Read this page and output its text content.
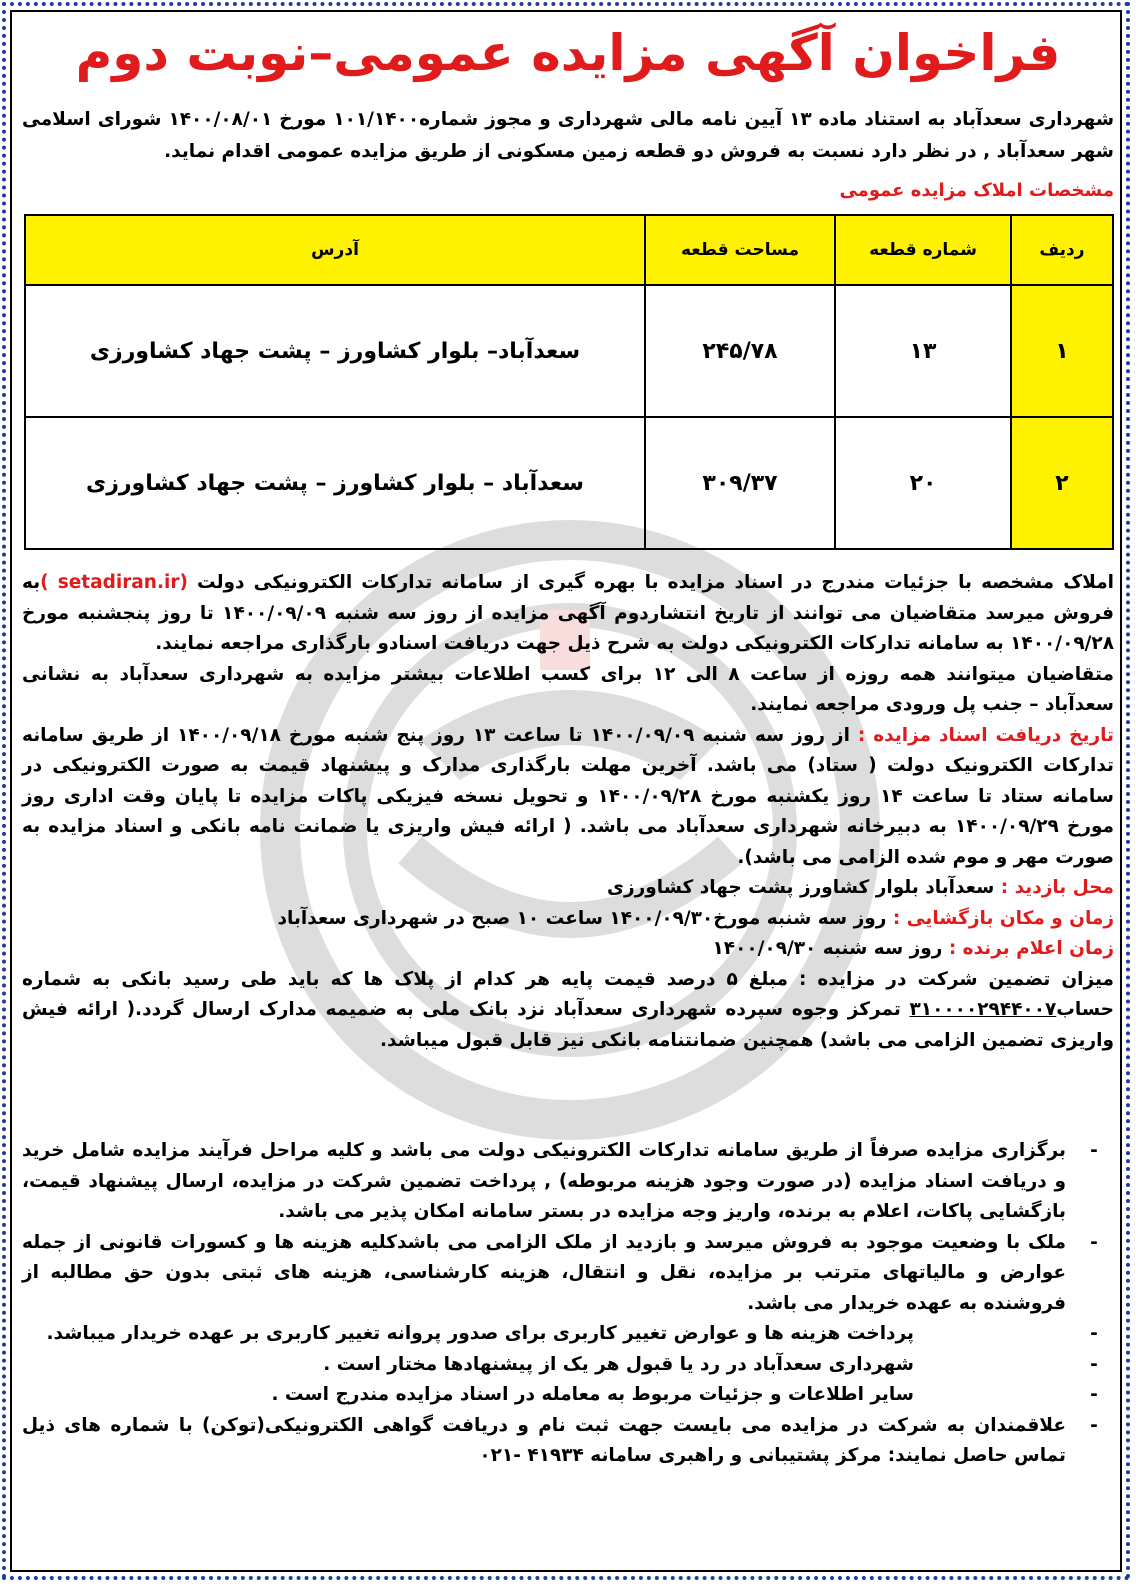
فراخوان آگهی مزایده عمومی–نوبت دوم
شهرداری سعدآباد به استناد ماده ۱۳ آیین نامه مالی شهرداری و مجوز شماره۱۰۱/۱۴۰۰ مورخ ۱۴۰۰/۰۸/۰۱ شورای اسلامی شهر سعدآباد , در نظر دارد نسبت به فروش دو قطعه زمین مسکونی از طریق مزایده عمومی اقدام نماید.
مشخصات املاک مزایده عمومی
ردیف	شماره قطعه	مساحت قطعه	آدرس
۱	۱۳	۲۴۵/۷۸	سعدآباد– بلوار کشاورز – پشت جهاد کشاورزی
۲	۲۰	۳۰۹/۳۷	سعدآباد – بلوار کشاورز – پشت جهاد کشاورزی

املاک مشخصه با جزئیات مندرج در اسناد مزایده با بهره گیری از سامانه تدارکات الکترونیکی دولت (setadiran.ir )به فروش میرسد متقاضیان می توانند از تاریخ انتشاردوم آگهی مزایده از روز سه شنبه ۱۴۰۰/۰۹/۰۹ تا روز پنجشنبه مورخ ۱۴۰۰/۰۹/۲۸ به سامانه تدارکات الکترونیکی دولت به شرح ذیل جهت دریافت اسنادو بارگذاری مراجعه نمایند.

متقاضیان میتوانند همه روزه از ساعت ۸ الی ۱۲ برای کسب اطلاعات بیشتر مزایده به شهرداری سعدآباد به نشانی سعدآباد – جنب پل ورودی مراجعه نمایند.

تاریخ دریافت اسناد مزایده : از روز سه شنبه ۱۴۰۰/۰۹/۰۹ تا ساعت ۱۳ روز پنج شنبه مورخ ۱۴۰۰/۰۹/۱۸ از طریق سامانه تدارکات الکترونیک دولت ( ستاد) می باشد. آخرین مهلت بارگذاری مدارک و پیشنهاد قیمت به صورت الکترونیکی در سامانه ستاد تا ساعت ۱۴ روز یکشنبه مورخ ۱۴۰۰/۰۹/۲۸ و تحویل نسخه فیزیکی پاکات مزایده تا پایان وقت اداری روز مورخ ۱۴۰۰/۰۹/۲۹ به دبیرخانه شهرداری سعدآباد می باشد. ( ارائه فیش واریزی یا ضمانت نامه بانکی و اسناد مزایده به صورت مهر و موم شده الزامی می باشد).

محل بازدید : سعدآباد بلوار کشاورز پشت جهاد کشاورزی

زمان و مکان بازگشایی : روز سه شنبه مورخ۱۴۰۰/۰۹/۳۰ ساعت ۱۰ صبح در شهرداری سعدآباد

زمان اعلام برنده : روز سه شنبه ۱۴۰۰/۰۹/۳۰

میزان تضمین شرکت در مزایده : مبلغ ۵ درصد قیمت پایه هر کدام از پلاک ها که باید طی رسید بانکی به شماره حساب۳۱۰۰۰۰۲۹۴۴۰۰۷ تمرکز وجوه سپرده شهرداری سعدآباد نزد بانک ملی به ضمیمه مدارک ارسال گردد.( ارائه فیش واریزی تضمین الزامی می باشد) همچنین ضمانتنامه بانکی نیز قابل قبول میباشد.

-
برگزاری مزایده صرفاً از طریق سامانه تدارکات الکترونیکی دولت می باشد و کلیه مراحل فرآیند مزایده شامل خرید و دریافت اسناد مزایده (در صورت وجود هزینه مربوطه) , پرداخت تضمین شرکت در مزایده، ارسال پیشنهاد قیمت، بازگشایی پاکات، اعلام به برنده، واریز وجه مزایده در بستر سامانه امکان پذیر می باشد.
-
ملک با وضعیت موجود به فروش میرسد و بازدید از ملک الزامی می باشدکلیه هزینه ها و کسورات قانونی از جمله عوارض و مالیاتهای مترتب بر مزایده، نقل و انتقال، هزینه کارشناسی، هزینه های ثبتی بدون حق مطالبه از فروشنده به عهده خریدار می باشد.
-
پرداخت هزینه ها و عوارض تغییر کاربری برای صدور پروانه تغییر کاربری بر عهده خریدار میباشد.
-
شهرداری سعدآباد در رد یا قبول هر یک از پیشنهادها مختار است .
-
سایر اطلاعات و جزئیات مربوط به معامله در اسناد مزایده مندرج است .
-
علاقمندان به شرکت در مزایده می بایست جهت ثبت نام و دریافت گواهی الکترونیکی(توکن) با شماره های ذیل تماس حاصل نمایند: مرکز پشتیبانی و راهبری سامانه ۴۱۹۳۴ -۰۲۱
